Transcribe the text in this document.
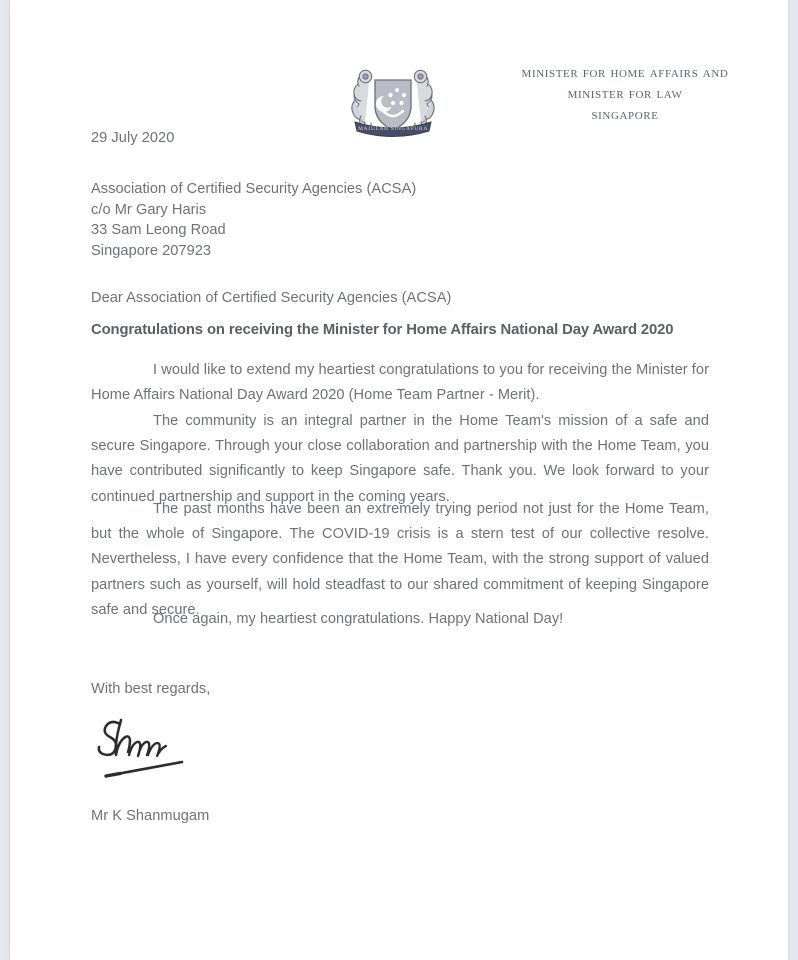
MAJULAH SINGAPURA
minister for home affairs and
minister for law
singapore
29 July 2020
Association of Certified Security Agencies (ACSA)
c/o Mr Gary Haris
33 Sam Leong Road
Singapore 207923
Dear Association of Certified Security Agencies (ACSA)
Congratulations on receiving the Minister for Home Affairs National Day Award 2020
I would like to extend my heartiest congratulations to you for receiving the Minister for Home Affairs National Day Award 2020 (Home Team Partner - Merit).
The community is an integral partner in the Home Team's mission of a safe and secure Singapore. Through your close collaboration and partnership with the Home Team, you have contributed significantly to keep Singapore safe. Thank you. We look forward to your continued partnership and support in the coming years.
The past months have been an extremely trying period not just for the Home Team, but the whole of Singapore. The COVID-19 crisis is a stern test of our collective resolve. Nevertheless, I have every confidence that the Home Team, with the strong support of valued partners such as yourself, will hold steadfast to our shared commitment of keeping Singapore safe and secure.
Once again, my heartiest congratulations. Happy National Day!
With best regards,
Mr K Shanmugam
